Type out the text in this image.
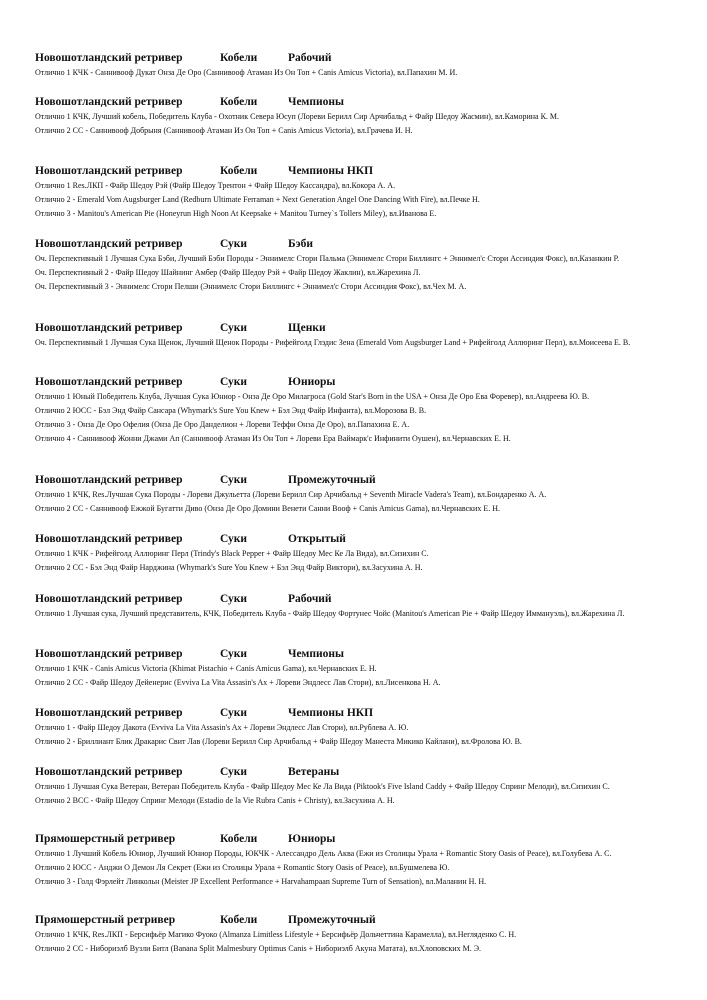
Новошотландский ретривер	Кобели	Рабочий
Отлично 1 КЧК - Саннивооф Дукат Онза Де Оро (Саннивооф Атаман Из Он Топ + Canis Amicus Victoria), вл.Папахин М. И.
Новошотландский ретривер	Кобели	Чемпионы
Отлично 1 КЧК, Лучший кобель, Победитель Клуба - Охотник Севера Юсуп (Лореви Берилл Сир Арчибальд + Файр Шедоу Жасмин), вл.Каморина К. М.
Отлично 2 СС - Саннивооф Добрыня (Саннивооф Атаман Из Он Топ + Canis Amicus Victoria), вл.Грачева И. Н.
Новошотландский ретривер	Кобели	Чемпионы НКП
Отлично 1 Res.ЛКП - Файр Шедоу Рэй (Файр Шедоу Трентон + Файр Шедоу Кассандра), вл.Кокора А. А.
Отлично 2 - Emerald Vom Augsburger Land (Redburn Ultimate Ferraman + Next Generation Angel One Dancing With Fire), вл.Печке Н.
Отлично 3 - Manitou's American Pie (Honeyrun High Noon At Keepsake + Manitou Turney`s Tollers Miley), вл.Иванова Е.
Новошотландский ретривер	Суки	Бэби
Оч. Перспективный 1 Лучшая Сука Бэби, Лучший Бэби Породы - Эннимелс Стори Пальма (Эннимелс Стори Биллингс + Эннимел'с Стори Ассиндия Фокс), вл.Казанкин Р.
Оч. Перспективный 2 - Файр Шедоу Шайнинг Амбер (Файр Шедоу Рэй + Файр Шедоу Жаклин), вл.Жарехина Л.
Оч. Перспективный 3 - Эннимелс Стори Пелши (Эннимелс Стори Биллингс + Эннимел'с Стори Ассиндия Фокс), вл.Чех М. А.
Новошотландский ретривер	Суки	Щенки
Оч. Перспективный 1 Лучшая Сука Щенок, Лучший Щенок Породы - Рифейголд Глэдис Зена (Emerald Vom Augsburger Land + Рифейголд Аллюринг Перл), вл.Моисеева Е. В.
Новошотландский ретривер	Суки	Юниоры
Отлично 1 Юный Победитель Клуба, Лучшая Сука Юниор - Онза Де Оро Милагроса (Gold Star's Born in the USA + Онза Де Оро Ева Форевер), вл.Андреева Ю. В.
Отлично 2 ЮСС - Бэл Энд Файр Сансара (Whymark's Sure You Knew + Бэл Энд Файр Инфанта), вл.Морозова В. В.
Отлично 3 - Онза Де Оро Офелия (Онза Де Оро Данделион + Лореви Теффи Онза Де Оро), вл.Папахина Е. А.
Отлично 4 - Саннивооф Жонни Джами Ап (Саннивооф Атаман Из Он Топ + Лореви Ера Ваймарк'с Инфинити Оушен), вл.Чернавских Е. Н.
Новошотландский ретривер	Суки	Промежуточный
Отлично 1 КЧК, Res.Лучшая Сука Породы - Лореви Джульетта (Лореви Берилл Сир Арчибальд + Seventh Miracle Vadera's Team), вл.Бондаренко А. А.
Отлично 2 СС - Саннивооф Ежжой Бугатти Диво (Онза Де Оро Домини Венети Санни Вооф + Canis Amicus Gama), вл.Чернавских Е. Н.
Новошотландский ретривер	Суки	Открытый
Отлично 1 КЧК - Рифейголд Аллюринг Перл (Trindy's Black Pepper + Файр Шедоу Мес Ке Ла Вида), вл.Сизихин С.
Отлично 2 СС - Бэл Энд Файр Нарджина (Whymark's Sure You Knew + Бэл Энд Файр Виктори), вл.Засухина А. Н.
Новошотландский ретривер	Суки	Рабочий
Отлично 1 Лучшая сука, Лучший представитель, КЧК, Победитель Клуба - Файр Шедоу Фортунес Чойс (Manitou's American Pie + Файр Шедоу Иммануэль), вл.Жарехина Л.
Новошотландский ретривер	Суки	Чемпионы
Отлично 1 КЧК - Canis Amicus Victoria (Khimat Pistachio + Canis Amicus Gama), вл.Чернавских Е. Н.
Отлично 2 СС - Файр Шедоу Дейенерис (Evviva La Vita Assasin's Ax + Лореви Эндлесс Лав Стори), вл.Лисенкова Н. А.
Новошотландский ретривер	Суки	Чемпионы НКП
Отлично 1 - Файр Шедоу Дакота (Evviva La Vita Assasin's Ax + Лореви Эндлесс Лав Стори), вл.Рублева А. Ю.
Отлично 2 - Бриллиант Блик Дракарис Свит Лав (Лореви Берилл Сир Арчибальд + Файр Шедоу Манеста Микико Кайлани), вл.Фролова Ю. В.
Новошотландский ретривер	Суки	Ветераны
Отлично 1 Лучшая Сука Ветеран, Ветеран Победитель Клуба - Файр Шедоу Мес Ке Ла Вида (Piktook's Five Island Caddy + Файр Шедоу Спринг Мелоди), вл.Сизихин С.
Отлично 2 ВСС - Файр Шедоу Спринг Мелоди (Estadio de la Vie Rubra Canis + Christy), вл.Засухина А. Н.
Прямошерстный ретривер	Кобели	Юниоры
Отлично 1 Лучший Кобель Юниор, Лучший Юниор Породы, ЮКЧК - Алессандро Дель Аква (Ежи из Столицы Урала + Romantic Story Oasis of Peace), вл.Голубева А. С.
Отлично 2 ЮСС - Анджи О Демон Ля Секрет (Ежи из Столицы Урала + Romantic Story Oasis of Peace), вл.Бушмелева Ю.
Отлично 3 - Голд Фэрлейт Линкольн (Meister JP Excellent Performance + Harvahampaan Supreme Turn of Sensation), вл.Маланин Н. Н.
Прямошерстный ретривер	Кобели	Промежуточный
Отлично 1 КЧК, Res.ЛКП - Берсифьёр Магико Фуоко (Almanza Limitless Lifestyle + Берсифьёр Дольчеттина Карамелла), вл.Негляденко С. Н.
Отлично 2 СС - Нибориэлб Вузли Битл (Banana Split Malmesbury Optimus Canis + Нибориэлб Акуна Матата), вл.Хлоповских М. Э.
